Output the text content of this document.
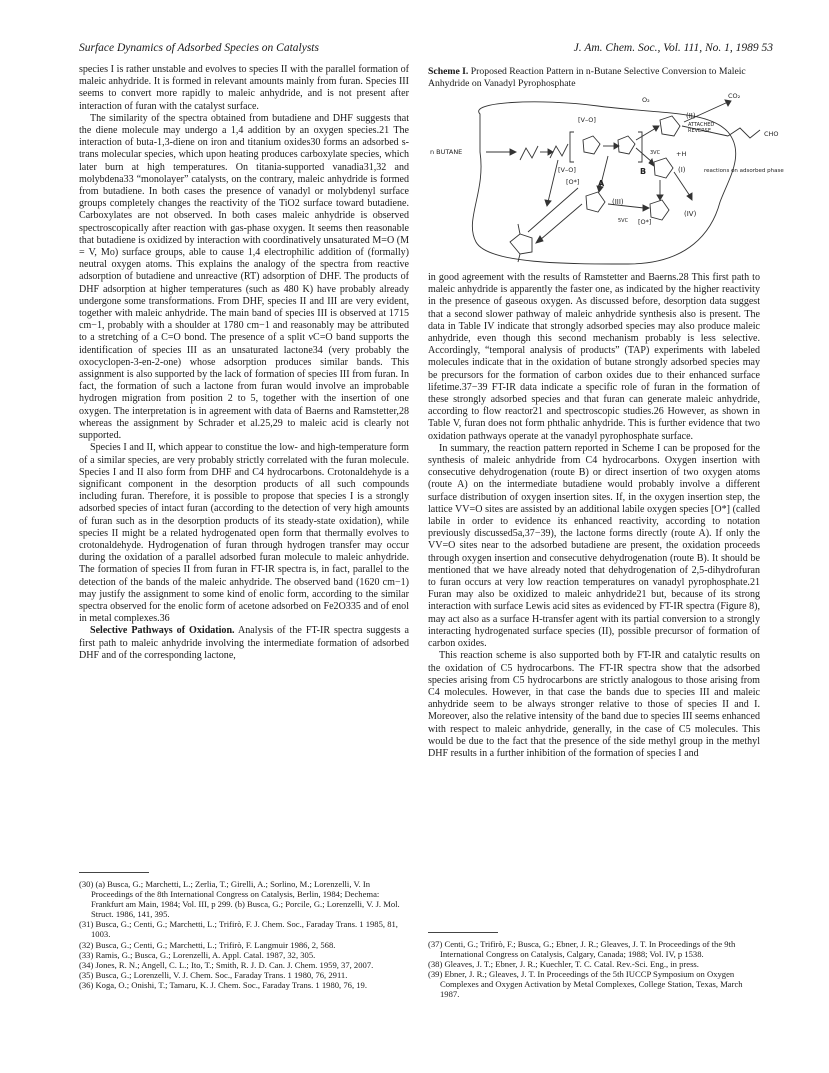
Surface Dynamics of Adsorbed Species on Catalysts	J. Am. Chem. Soc., Vol. 111, No. 1, 1989 53

species I is rather unstable and evolves to species II with the parallel formation of maleic anhydride. It is formed in relevant amounts mainly from furan. Species III seems to convert more rapidly to maleic anhydride, and is not present after interaction of furan with the catalyst surface.

The similarity of the spectra obtained from butadiene and DHF suggests that the diene molecule may undergo a 1,4 addition by an oxygen species.21 The interaction of buta-1,3-diene on iron and titanium oxides30 forms an adsorbed s-trans molecular species, which upon heating produces carboxylate species, which later burn at high temperatures. On titania-supported vanadia31,32 and molybdena33 “monolayer” catalysts, on the contrary, maleic anhydride is formed from butadiene. In both cases the presence of vanadyl or molybdenyl surface groups completely changes the reactivity of the TiO2 surface toward butadiene. Carboxylates are not observed. In both cases maleic anhydride is observed spectroscopically after reaction with gas-phase oxygen. It seems then reasonable that butadiene is oxidized by interaction with coordinatively unsaturated M=O (M = V, Mo) surface groups, able to cause 1,4 electrophilic addition of (formally) neutral oxygen atoms. This explains the analogy of the spectra from reactive adsorption of butadiene and unreactive (RT) adsorption of DHF. The products of DHF adsorption at higher temperatures (such as 480 K) have probably already undergone some transformations. From DHF, species II and III are very evident, together with maleic anhydride. The main band of species III is observed at 1715 cm−1, probably with a shoulder at 1780 cm−1 and reasonably may be attributed to a stretching of a C=O bond. The presence of a split νC=O band supports the identification of species III as an unsaturated lactone34 (very probably the oxocyclopen-3-en-2-one) whose adsorption produces similar bands. This assignment is also supported by the lack of formation of species III from furan. In fact, the formation of such a lactone from furan would involve an improbable hydrogen migration from position 2 to 5, together with the insertion of one oxygen. The interpretation is in agreement with data of Baerns and Ramstetter,28 whereas the assignment by Schrader et al.25,29 to maleic acid is clearly not supported.

Species I and II, which appear to constitue the low- and high-temperature form of a similar species, are very probably strictly correlated with the furan molecule. Species I and II also form from DHF and C4 hydrocarbons. Crotonaldehyde is a significant component in the desorption products of all such compounds including furan. Therefore, it is possible to propose that species I is a strongly adsorbed species of intact furan (according to the detection of very high amounts of furan such as in the desorption products of its steady-state oxidation), while species II might be a related hydrogenated open form that thermally evolves to crotonaldehyde. Hydrogenation of furan through hydrogen transfer may occur during the oxidation of a parallel adsorbed furan molecule to maleic anhydride. The formation of species II from furan in FT-IR spectra is, in fact, parallel to the detection of the bands of the maleic anhydride. The observed band (1620 cm−1) may justify the assignment to some kind of enolic form, according to the similar spectra observed for the enolic form of acetone adsorbed on Fe2O335 and of enol in metal complexes.36

Selective Pathways of Oxidation. Analysis of the FT-IR spectra suggests a first path to maleic anhydride involving the intermediate formation of adsorbed DHF and of the corresponding lactone,

Scheme I. Proposed Reaction Pattern in n-Butane Selective Conversion to Maleic Anhydride on Vanadyl Pyrophosphate
n BUTANE
CO₂
CHO
O₂
(II)
(I)
(III)
(IV)
B
A
[V–O]
[V–O]
[O*]
[O*]
+H
reactions on adsorbed phase
ATTACHED
REVERSE
3VC
5VC

in good agreement with the results of Ramstetter and Baerns.28 This first path to maleic anhydride is apparently the faster one, as indicated by the higher reactivity in the presence of gaseous oxygen. As discussed before, desorption data suggest that a second slower pathway of maleic anhydride synthesis also is present. The data in Table IV indicate that strongly adsorbed species may also produce maleic anhydride, even though this second mechanism probably is less selective. Accordingly, “temporal analysis of products” (TAP) experiments with labeled molecules indicate that in the oxidation of butane strongly adsorbed species may be precursors for the formation of carbon oxides due to their enhanced surface lifetime.37−39 FT-IR data indicate a specific role of furan in the formation of these strongly adsorbed species and that furan can generate maleic anhydride, according to flow reactor21 and spectroscopic studies.26 However, as shown in Table V, furan does not form phthalic anhydride. This is further evidence that two oxidation pathways operate at the vanadyl pyrophosphate surface.

In summary, the reaction pattern reported in Scheme I can be proposed for the synthesis of maleic anhydride from C4 hydrocarbons. Oxygen insertion with consecutive dehydrogenation (route B) or direct insertion of two oxygen atoms (route A) on the intermediate butadiene would probably involve a different surface distribution of oxygen insertion sites. If, in the oxygen insertion step, the lattice VV=O sites are assisted by an additional labile oxygen species [O*] (called labile in order to evidence its enhanced reactivity, according to notation previously discussed5a,37−39), the lactone forms directly (route A). If only the VV=O sites near to the adsorbed butadiene are present, the oxidation proceeds through oxygen insertion and consecutive dehydrogenation (route B). It should be mentioned that we have already noted that dehydrogenation of 2,5-dihydrofuran to furan occurs at very low reaction temperatures on vanadyl pyrophosphate.21 Furan may also be oxidized to maleic anhydride21 but, because of its strong interaction with surface Lewis acid sites as evidenced by FT-IR spectra (Figure 8), may act also as a surface H-transfer agent with its partial conversion to a strongly interacting hydrogenated surface species (II), possible precursor of formation of carbon oxides.

This reaction scheme is also supported both by FT-IR and catalytic results on the oxidation of C5 hydrocarbons. The FT-IR spectra show that the adsorbed species arising from C5 hydrocarbons are strictly analogous to those arising from C4 molecules. However, in that case the bands due to species III and maleic anhydride seem to be always stronger relative to those of species II and I. Moreover, also the relative intensity of the band due to species III seems enhanced with respect to maleic anhydride, generally, in the case of C5 molecules. This would be due to the fact that the presence of the side methyl group in the methyl DHF results in a further inhibition of the formation of species I and

(30) (a) Busca, G.; Marchetti, L.; Zerlia, T.; Girelli, A.; Sorlino, M.; Lorenzelli, V. In Proceedings of the 8th International Congress on Catalysis, Berlin, 1984; Dechema: Frankfurt am Main, 1984; Vol. III, p 299. (b) Busca, G.; Porcile, G.; Lorenzelli, V. J. Mol. Struct. 1986, 141, 395.
(31) Busca, G.; Centi, G.; Marchetti, L.; Trifirò, F. J. Chem. Soc., Faraday Trans. 1 1985, 81, 1003.
(32) Busca, G.; Centi, G.; Marchetti, L.; Trifirò, F. Langmuir 1986, 2, 568.
(33) Ramis, G.; Busca, G.; Lorenzelli, A. Appl. Catal. 1987, 32, 305.
(34) Jones, R. N.; Angell, C. L.; Ito, T.; Smith, R. J. D. Can. J. Chem. 1959, 37, 2007.
(35) Busca, G.; Lorenzelli, V. J. Chem. Soc., Faraday Trans. 1 1980, 76, 2911.
(36) Koga, O.; Onishi, T.; Tamaru, K. J. Chem. Soc., Faraday Trans. 1 1980, 76, 19.
(37) Centi, G.; Trifirò, F.; Busca, G.; Ebner, J. R.; Gleaves, J. T. In Proceedings of the 9th International Congress on Catalysis, Calgary, Canada; 1988; Vol. IV, p 1538.
(38) Gleaves, J. T.; Ebner, J. R.; Kuechler, T. C. Catal. Rev.-Sci. Eng., in press.
(39) Ebner, J. R.; Gleaves, J. T. In Proceedings of the 5th IUCCP Symposium on Oxygen Complexes and Oxygen Activation by Metal Complexes, College Station, Texas, March 1987.
